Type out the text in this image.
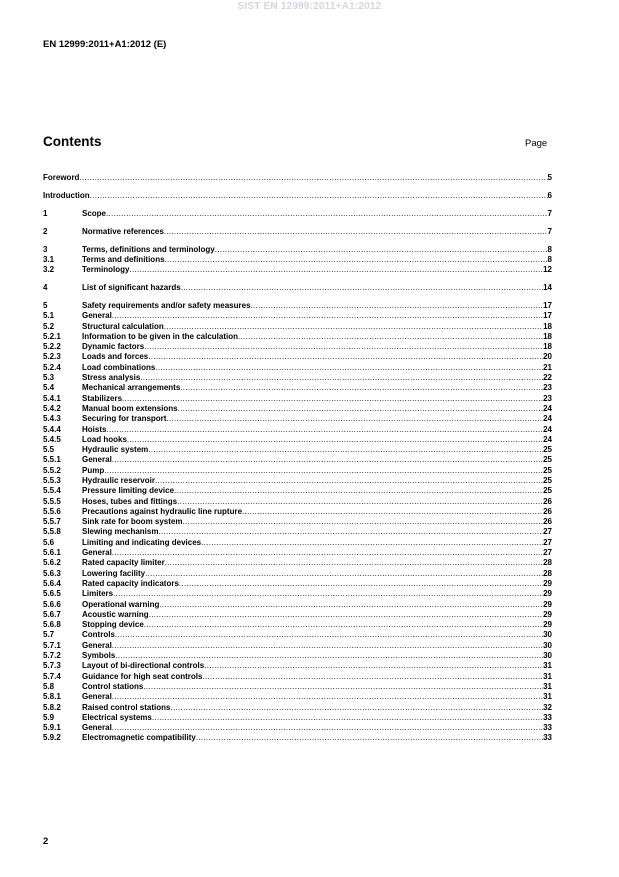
SIST EN 12999:2011+A1:2012
EN 12999:2011+A1:2012 (E)
Contents	Page
Foreword .....	5
Introduction .....	6
1	Scope .....	7
2	Normative references .....	7
3	Terms, definitions and terminology .....	8
3.1	Terms and definitions .....	8
3.2	Terminology .....	12
4	List of significant hazards .....	14
5	Safety requirements and/or safety measures .....	17
5.1	General .....	17
5.2	Structural calculation .....	18
5.2.1	Information to be given in the calculation .....	18
5.2.2	Dynamic factors .....	18
5.2.3	Loads and forces .....	20
5.2.4	Load combinations .....	21
5.3	Stress analysis .....	22
5.4	Mechanical arrangements .....	23
5.4.1	Stabilizers .....	23
5.4.2	Manual boom extensions .....	24
5.4.3	Securing for transport .....	24
5.4.4	Hoists .....	24
5.4.5	Load hooks .....	24
5.5	Hydraulic system .....	25
5.5.1	General .....	25
5.5.2	Pump .....	25
5.5.3	Hydraulic reservoir .....	25
5.5.4	Pressure limiting device .....	25
5.5.5	Hoses, tubes and fittings .....	26
5.5.6	Precautions against hydraulic line rupture .....	26
5.5.7	Sink rate for boom system .....	26
5.5.8	Slewing mechanism .....	27
5.6	Limiting and indicating devices .....	27
5.6.1	General .....	27
5.6.2	Rated capacity limiter .....	28
5.6.3	Lowering facility .....	28
5.6.4	Rated capacity indicators .....	29
5.6.5	Limiters .....	29
5.6.6	Operational warning .....	29
5.6.7	Acoustic warning .....	29
5.6.8	Stopping device .....	29
5.7	Controls .....	30
5.7.1	General .....	30
5.7.2	Symbols .....	30
5.7.3	Layout of bi-directional controls .....	31
5.7.4	Guidance for high seat controls .....	31
5.8	Control stations .....	31
5.8.1	General .....	31
5.8.2	Raised control stations .....	32
5.9	Electrical systems .....	33
5.9.1	General .....	33
5.9.2	Electromagnetic compatibility .....	33
2
